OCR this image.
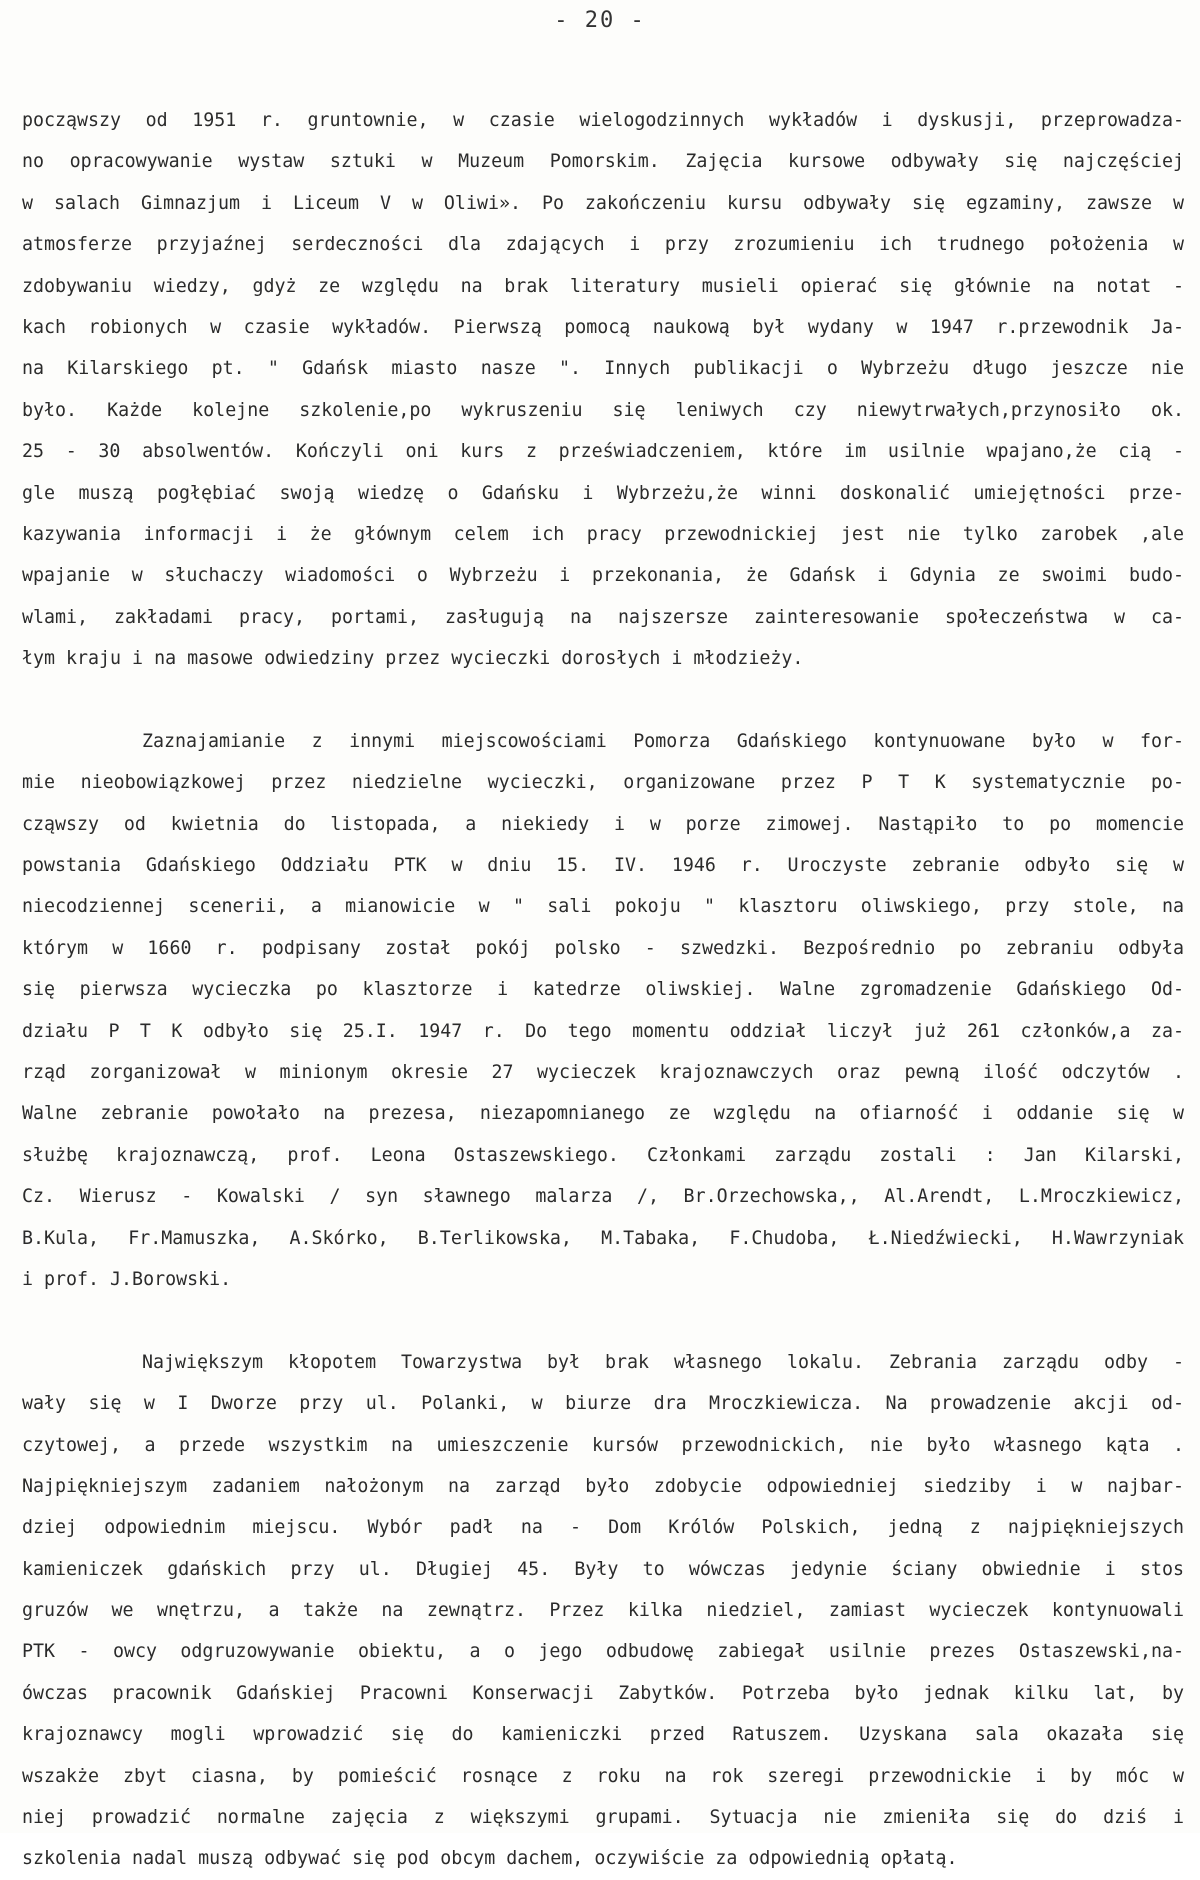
- 20 -
począwszy od 1951 r. gruntownie, w czasie wielogodzinnych wykładów i dyskusji, przeprowadza-
no opracowywanie wystaw sztuki w Muzeum Pomorskim. Zajęcia kursowe odbywały się najczęściej
w salach Gimnazjum i Liceum V w Oliwi». Po zakończeniu kursu odbywały się egzaminy, zawsze w
atmosferze przyjaźnej serdeczności dla zdających i przy zrozumieniu ich trudnego położenia w
zdobywaniu wiedzy, gdyż ze względu na brak literatury musieli opierać się głównie na notat -
kach robionych w czasie wykładów. Pierwszą pomocą naukową był wydany w 1947 r.przewodnik Ja-
na Kilarskiego pt. " Gdańsk miasto nasze ". Innych publikacji o Wybrzeżu długo jeszcze nie
było. Każde kolejne szkolenie,po wykruszeniu się leniwych czy niewytrwałych,przynosiło ok.
25 - 30 absolwentów. Kończyli oni kurs z przeświadczeniem, które im usilnie wpajano,że cią -
gle muszą pogłębiać swoją wiedzę o Gdańsku i Wybrzeżu,że winni doskonalić umiejętności prze-
kazywania informacji i że głównym celem ich pracy przewodnickiej jest nie tylko zarobek ,ale
wpajanie w słuchaczy wiadomości o Wybrzeżu i przekonania, że Gdańsk i Gdynia ze swoimi budo-
wlami, zakładami pracy, portami, zasługują na najszersze zainteresowanie społeczeństwa w ca-
łym kraju i na masowe odwiedziny przez wycieczki dorosłych i młodzieży.
Zaznajamianie z innymi miejscowościami Pomorza Gdańskiego kontynuowane było w for-
mie nieobowiązkowej przez niedzielne wycieczki, organizowane przez P T K systematycznie po-
cząwszy od kwietnia do listopada, a niekiedy i w porze zimowej. Nastąpiło to po momencie
powstania Gdańskiego Oddziału PTK w dniu 15. IV. 1946 r. Uroczyste zebranie odbyło się w
niecodziennej scenerii, a mianowicie w " sali pokoju " klasztoru oliwskiego, przy stole, na
którym w 1660 r. podpisany został pokój polsko - szwedzki. Bezpośrednio po zebraniu odbyła
się pierwsza wycieczka po klasztorze i katedrze oliwskiej. Walne zgromadzenie Gdańskiego Od-
działu P T K odbyło się 25.I. 1947 r. Do tego momentu oddział liczył już 261 członków,a za-
rząd zorganizował w minionym okresie 27 wycieczek krajoznawczych oraz pewną ilość odczytów .
Walne zebranie powołało na prezesa, niezapomnianego ze względu na ofiarność i oddanie się w
służbę krajoznawczą, prof. Leona Ostaszewskiego. Członkami zarządu zostali : Jan Kilarski,
Cz. Wierusz - Kowalski / syn sławnego malarza /, Br.Orzechowska,, Al.Arendt, L.Mroczkiewicz,
B.Kula, Fr.Mamuszka, A.Skórko, B.Terlikowska, M.Tabaka, F.Chudoba, Ł.Niedźwiecki, H.Wawrzyniak
i prof. J.Borowski.
Największym kłopotem Towarzystwa był brak własnego lokalu. Zebrania zarządu odby -
wały się w I Dworze przy ul. Polanki, w biurze dra Mroczkiewicza. Na prowadzenie akcji od-
czytowej, a przede wszystkim na umieszczenie kursów przewodnickich, nie było własnego kąta .
Najpiękniejszym zadaniem nałożonym na zarząd było zdobycie odpowiedniej siedziby i w najbar-
dziej odpowiednim miejscu. Wybór padł na - Dom Królów Polskich, jedną z najpiękniejszych
kamieniczek gdańskich przy ul. Długiej 45. Były to wówczas jedynie ściany obwiednie i stos
gruzów we wnętrzu, a także na zewnątrz. Przez kilka niedziel, zamiast wycieczek kontynuowali
PTK - owcy odgruzowywanie obiektu, a o jego odbudowę zabiegał usilnie prezes Ostaszewski,na-
ówczas pracownik Gdańskiej Pracowni Konserwacji Zabytków. Potrzeba było jednak kilku lat, by
krajoznawcy mogli wprowadzić się do kamieniczki przed Ratuszem. Uzyskana sala okazała się
wszakże zbyt ciasna, by pomieścić rosnące z roku na rok szeregi przewodnickie i by móc w
niej prowadzić normalne zajęcia z większymi grupami. Sytuacja nie zmieniła się do dziś i
szkolenia nadal muszą odbywać się pod obcym dachem, oczywiście za odpowiednią opłatą.
